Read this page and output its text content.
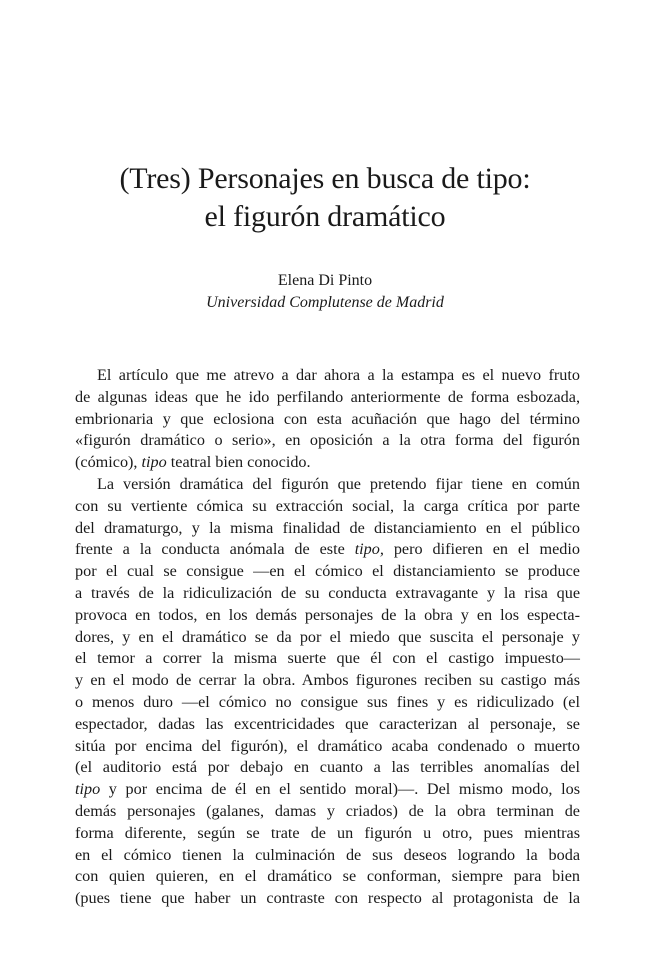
(Tres) Personajes en busca de tipo:
el figurón dramático
Elena Di Pinto
Universidad Complutense de Madrid
El artículo que me atrevo a dar ahora a la estampa es el nuevo fruto
de algunas ideas que he ido perfilando anteriormente de forma esbozada,
embrionaria y que eclosiona con esta acuñación que hago del término
«figurón dramático o serio», en oposición a la otra forma del figurón
(cómico), tipo teatral bien conocido.
La versión dramática del figurón que pretendo fijar tiene en común
con su vertiente cómica su extracción social, la carga crítica por parte
del dramaturgo, y la misma finalidad de distanciamiento en el público
frente a la conducta anómala de este tipo, pero difieren en el medio
por el cual se consigue —en el cómico el distanciamiento se produce
a través de la ridiculización de su conducta extravagante y la risa que
provoca en todos, en los demás personajes de la obra y en los especta-
dores, y en el dramático se da por el miedo que suscita el personaje y
el temor a correr la misma suerte que él con el castigo impuesto—
y en el modo de cerrar la obra. Ambos figurones reciben su castigo más
o menos duro —el cómico no consigue sus fines y es ridiculizado (el
espectador, dadas las excentricidades que caracterizan al personaje, se
sitúa por encima del figurón), el dramático acaba condenado o muerto
(el auditorio está por debajo en cuanto a las terribles anomalías del
tipo y por encima de él en el sentido moral)—. Del mismo modo, los
demás personajes (galanes, damas y criados) de la obra terminan de
forma diferente, según se trate de un figurón u otro, pues mientras
en el cómico tienen la culminación de sus deseos logrando la boda
con quien quieren, en el dramático se conforman, siempre para bien
(pues tiene que haber un contraste con respecto al protagonista de la
